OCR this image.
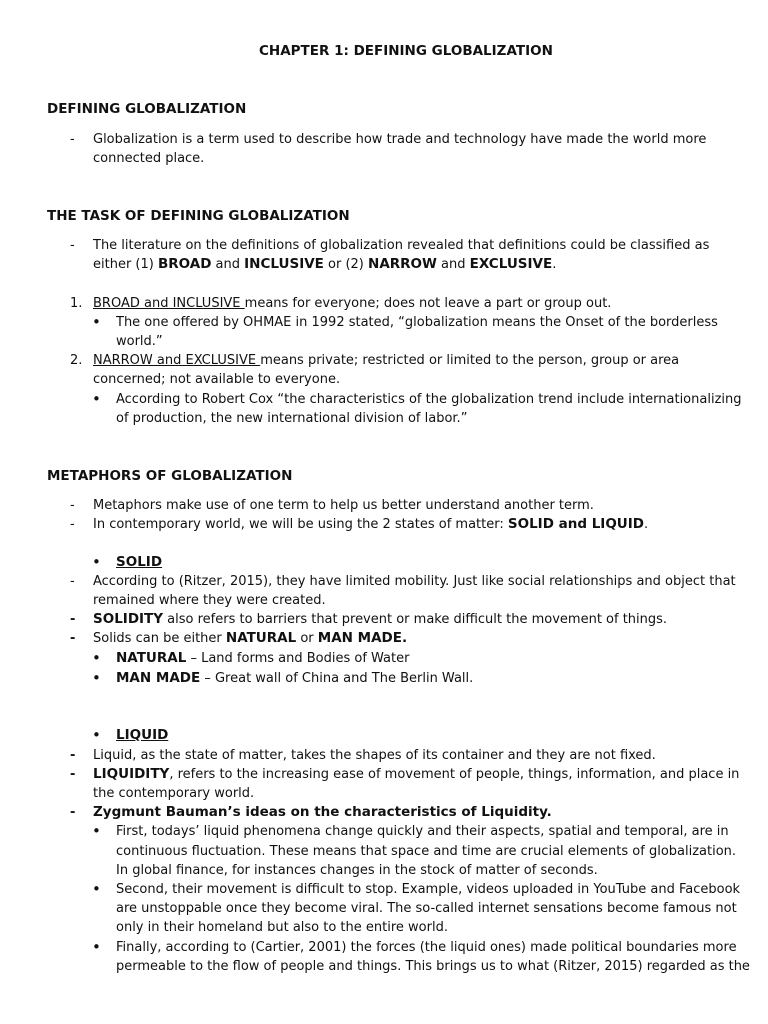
CHAPTER 1: DEFINING GLOBALIZATION
DEFINING GLOBALIZATION
- Globalization is a term used to describe how trade and technology have made the world more
connected place.
THE TASK OF DEFINING GLOBALIZATION
- The literature on the definitions of globalization revealed that definitions could be classified as
either (1) BROAD and INCLUSIVE or (2) NARROW and EXCLUSIVE.
1. BROAD and INCLUSIVE means for everyone; does not leave a part or group out.
• The one offered by OHMAE in 1992 stated, “globalization means the Onset of the borderless
world.”
2. NARROW and EXCLUSIVE means private; restricted or limited to the person, group or area
concerned; not available to everyone.
• According to Robert Cox “the characteristics of the globalization trend include internationalizing
of production, the new international division of labor.”
METAPHORS OF GLOBALIZATION
- Metaphors make use of one term to help us better understand another term.
- In contemporary world, we will be using the 2 states of matter: SOLID and LIQUID.
• SOLID
- According to (Ritzer, 2015), they have limited mobility. Just like social relationships and object that
remained where they were created.
- SOLIDITY also refers to barriers that prevent or make difficult the movement of things.
- Solids can be either NATURAL or MAN MADE.
• NATURAL – Land forms and Bodies of Water
• MAN MADE – Great wall of China and The Berlin Wall.
• LIQUID
- Liquid, as the state of matter, takes the shapes of its container and they are not fixed.
- LIQUIDITY, refers to the increasing ease of movement of people, things, information, and place in
the contemporary world.
- Zygmunt Bauman’s ideas on the characteristics of Liquidity.
• First, todays’ liquid phenomena change quickly and their aspects, spatial and temporal, are in
continuous fluctuation. These means that space and time are crucial elements of globalization.
In global finance, for instances changes in the stock of matter of seconds.
• Second, their movement is difficult to stop. Example, videos uploaded in YouTube and Facebook
are unstoppable once they become viral. The so-called internet sensations become famous not
only in their homeland but also to the entire world.
• Finally, according to (Cartier, 2001) the forces (the liquid ones) made political boundaries more
permeable to the flow of people and things. This brings us to what (Ritzer, 2015) regarded as the
